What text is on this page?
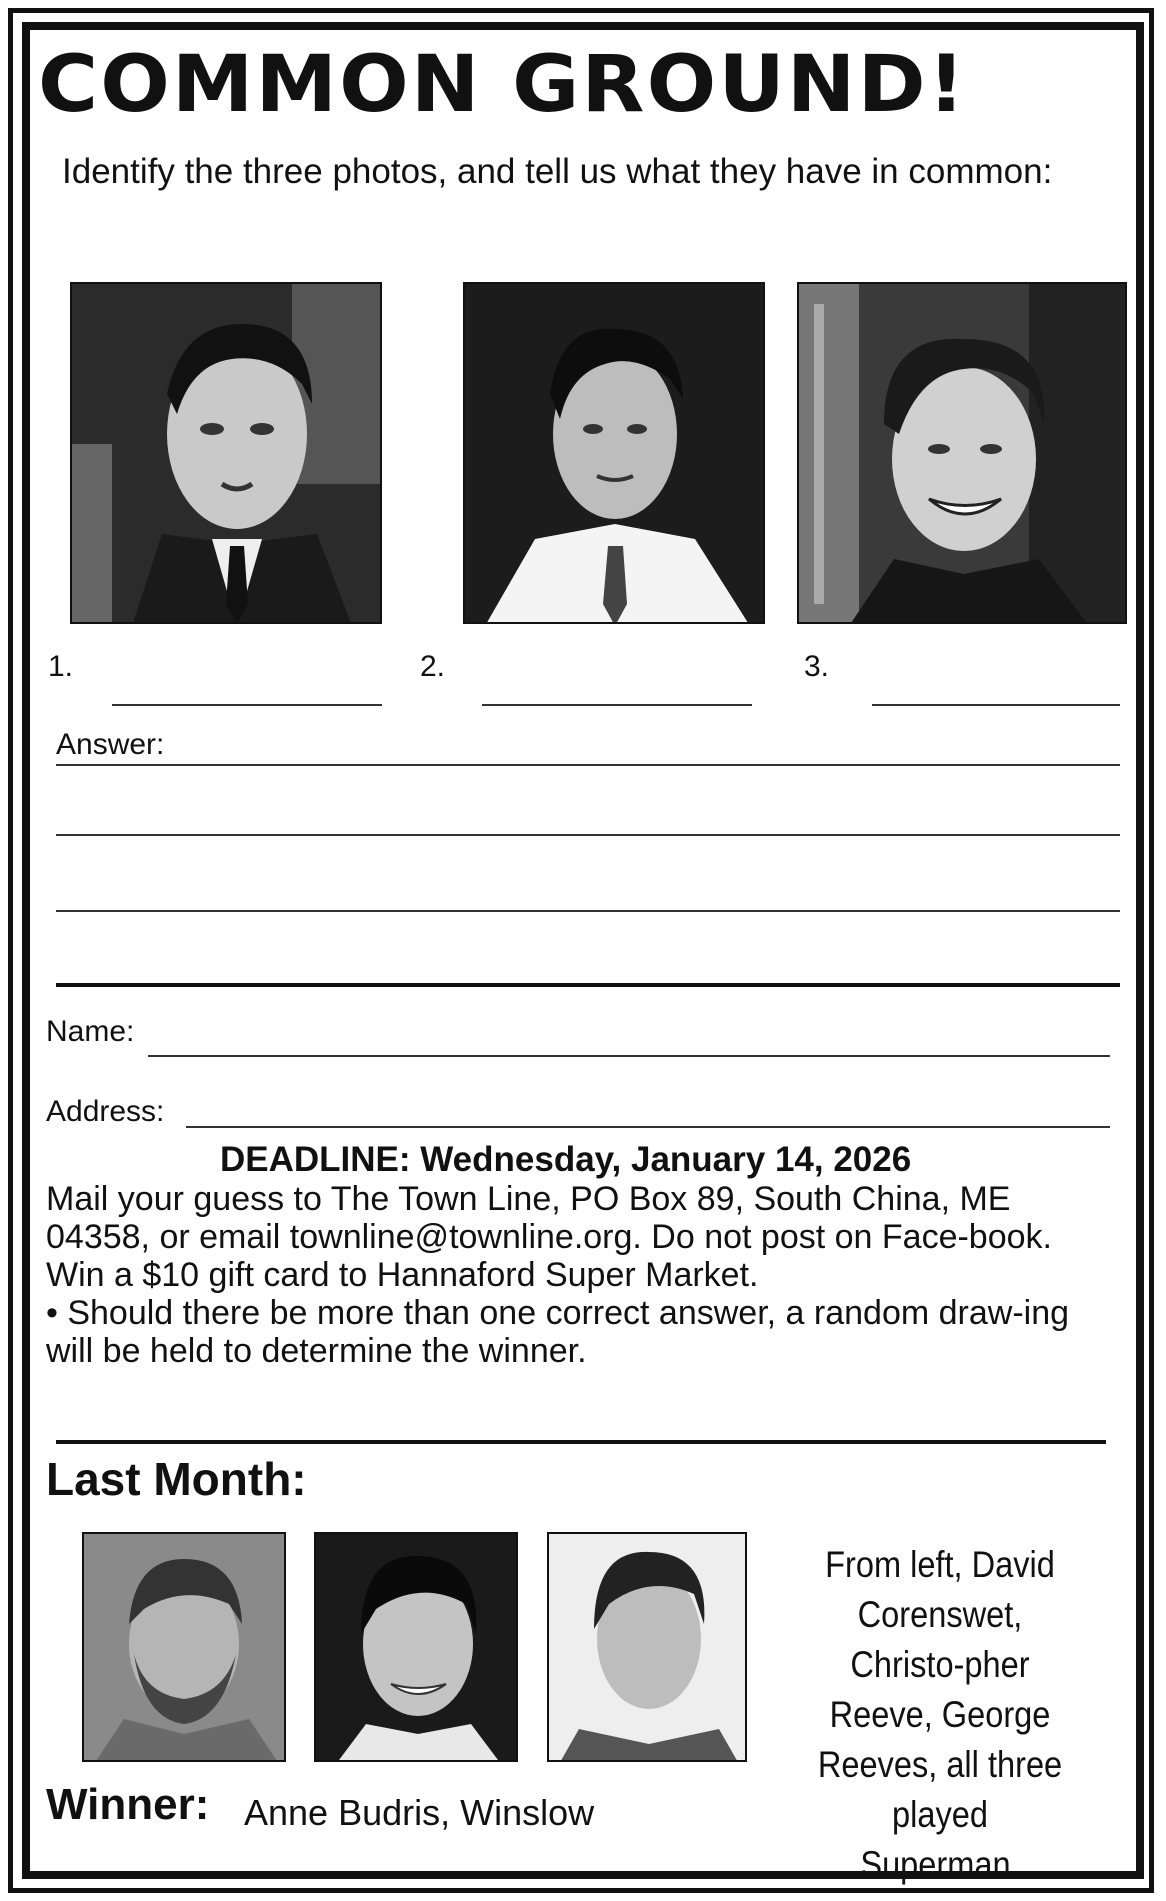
COMMON GROUND!
Identify the three photos, and tell us what they have in common:
1.	2.	3.
Answer:
Name:
Address:
DEADLINE: Wednesday, January 14, 2026
Mail your guess to The Town Line, PO Box 89, South China, ME 04358, or email townline@townline.org. Do not post on Face-book.
Win a $10 gift card to Hannaford Super Market.
• Should there be more than one correct answer, a random draw-ing will be held to determine the winner.
Last Month:
From left, David Corenswet, Christo-pher Reeve, George Reeves, all three played Superman.
Winner: Anne Budris, Winslow
